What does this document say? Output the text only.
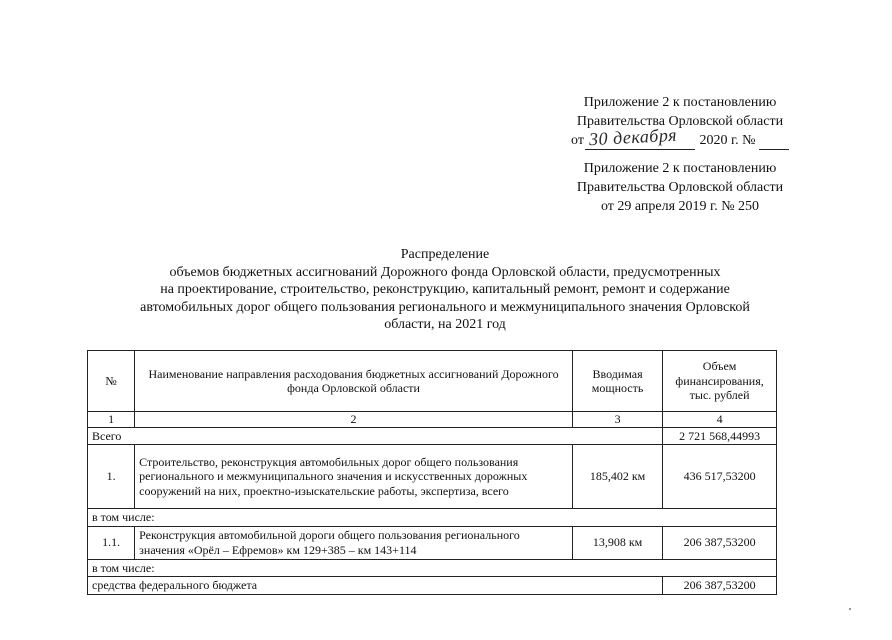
Приложение 2 к постановлению
Правительства Орловской области
от 30 декабря 2020 г. №
Приложение 2 к постановлению
Правительства Орловской области
от 29 апреля 2019 г. № 250
Распределение
объемов бюджетных ассигнований Дорожного фонда Орловской области, предусмотренных
на проектирование, строительство, реконструкцию, капитальный ремонт, ремонт и содержание
автомобильных дорог общего пользования регионального и межмуниципального значения Орловской
области, на 2021 год
№	Наименование направления расходования бюджетных ассигнований Дорожного фонда Орловской области	Вводимая мощность	Объем финансирования, тыс. рублей
1	2	3	4
Всего			2 721 568,44993
1.	Строительство, реконструкция автомобильных дорог общего пользования регионального и межмуниципального значения и искусственных дорожных сооружений на них, проектно-изыскательские работы, экспертиза, всего	185,402 км	436 517,53200
в том числе:			
1.1.	Реконструкция автомобильной дороги общего пользования регионального значения «Орёл – Ефремов» км 129+385 – км 143+114	13,908 км	206 387,53200
в том числе:			
средства федерального бюджета			206 387,53200
